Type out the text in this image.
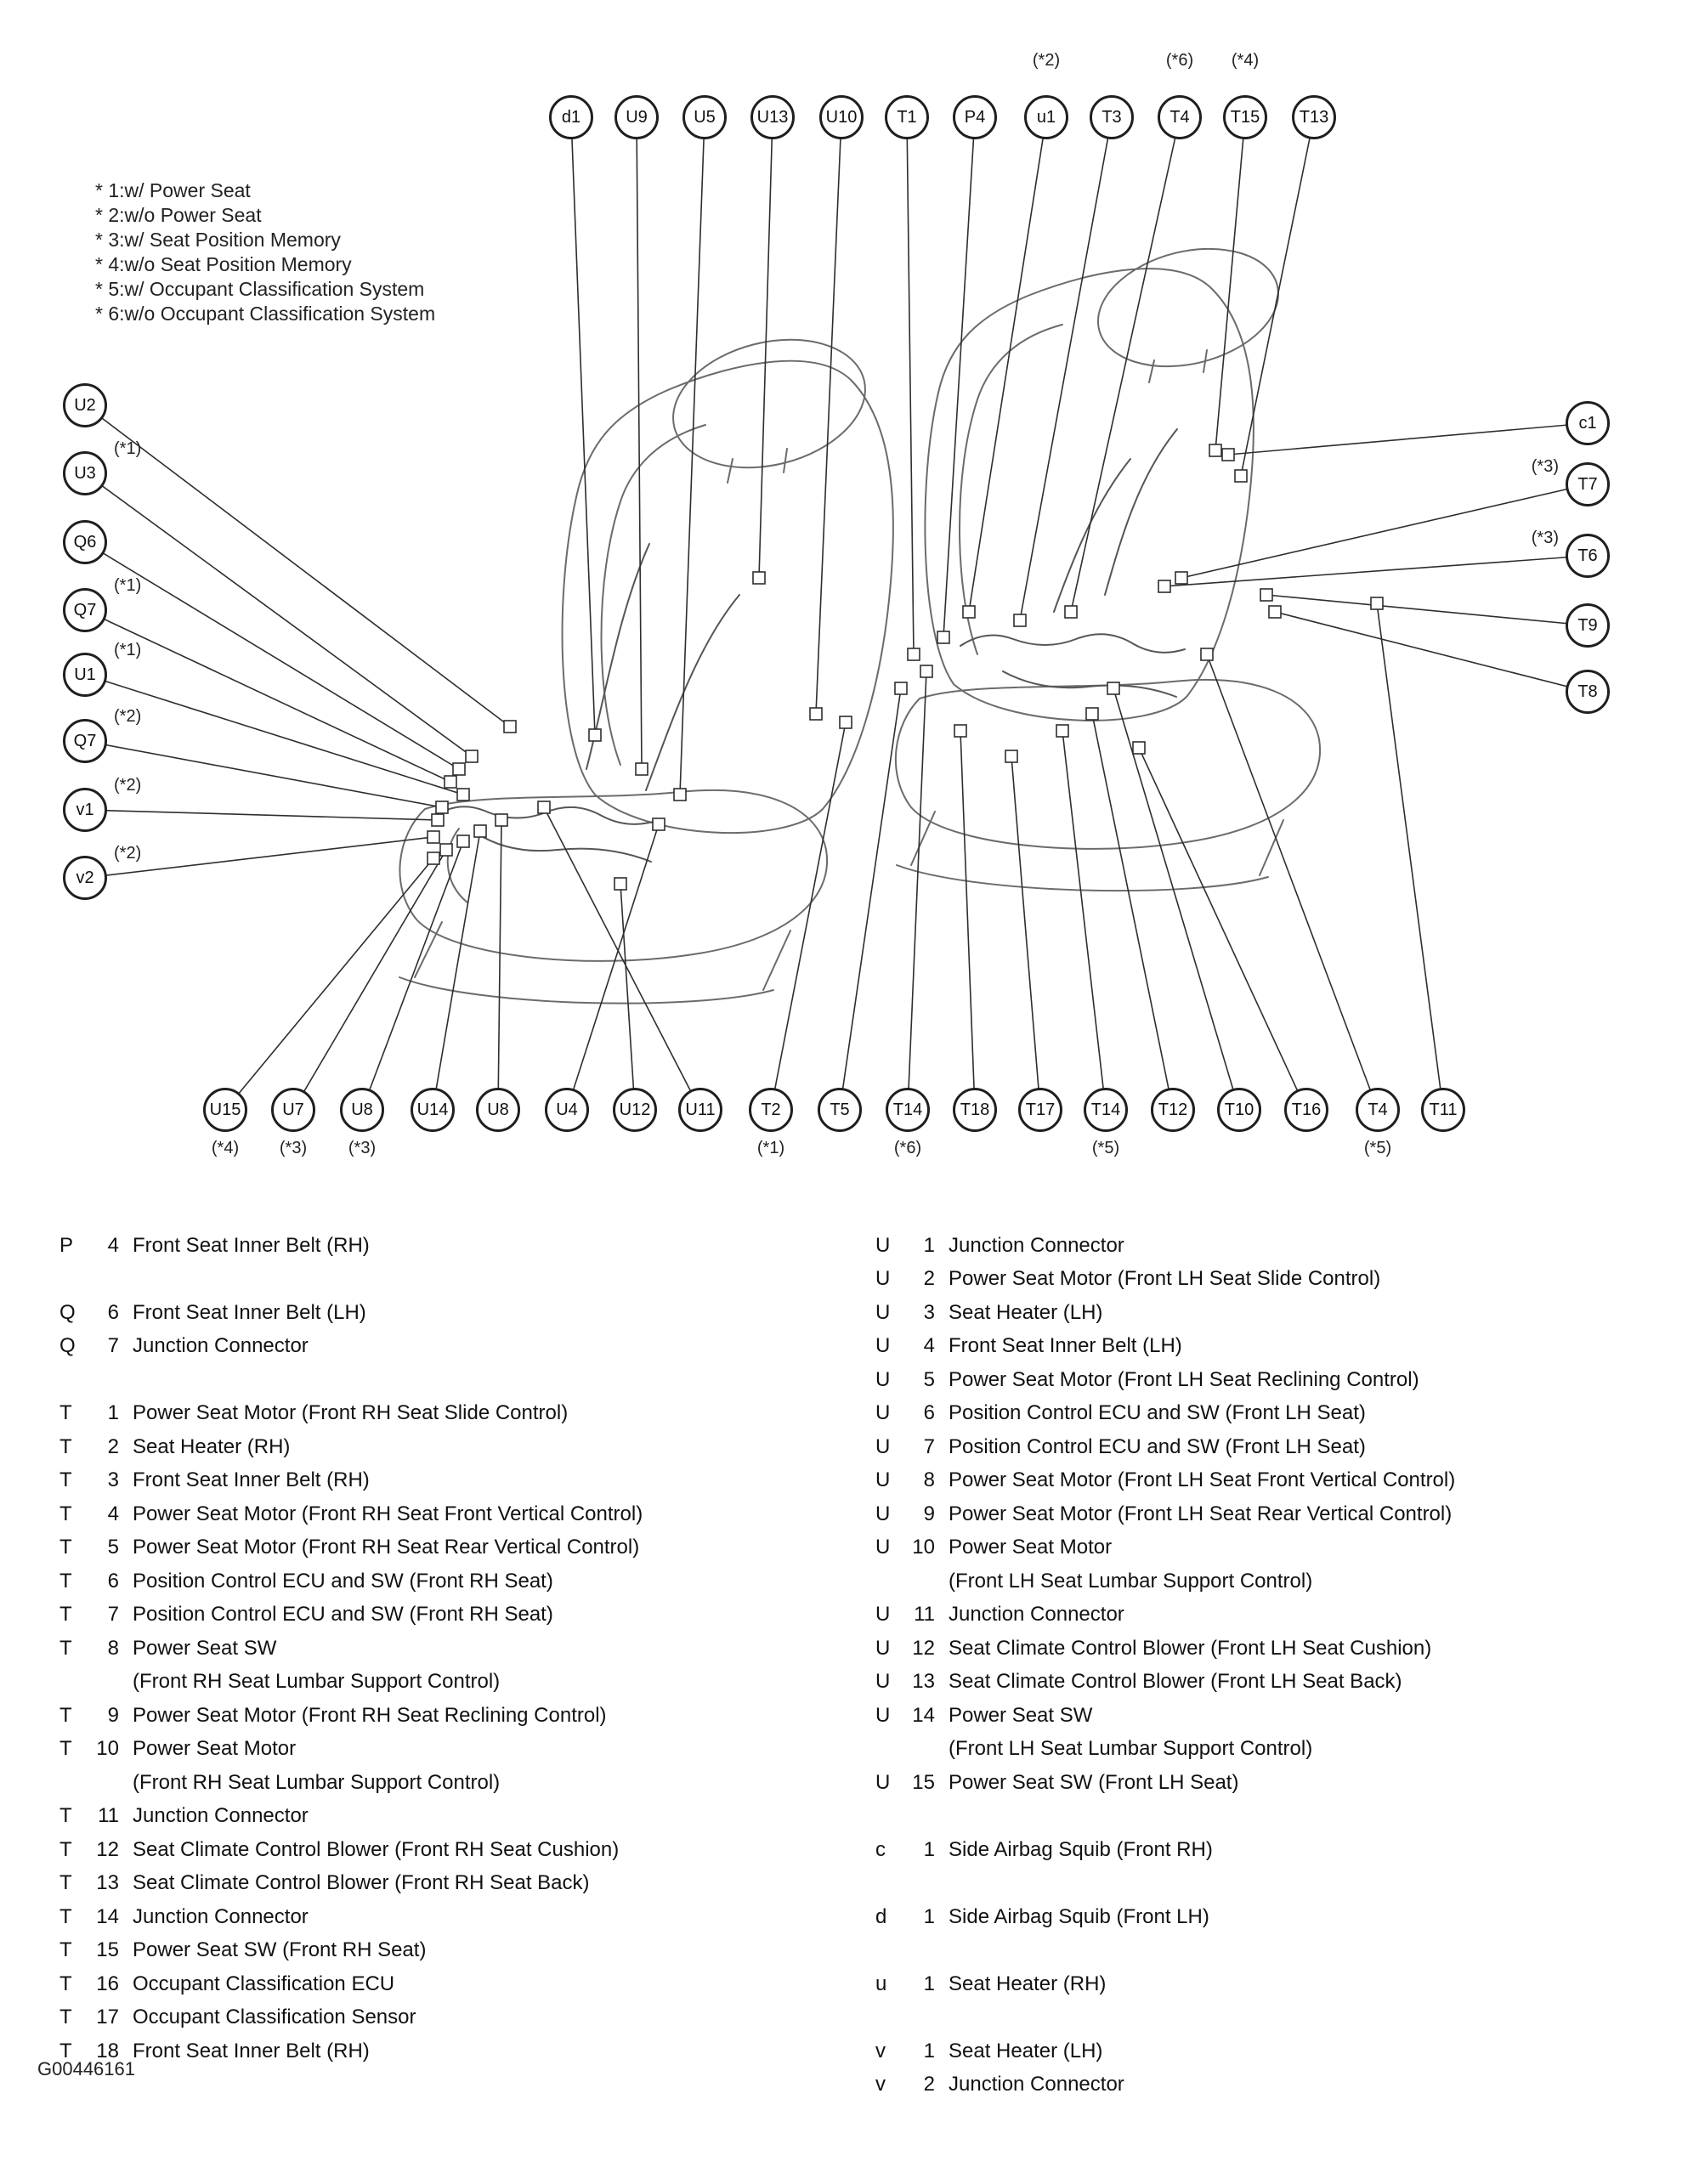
* 1:w/ Power Seat
* 2:w/o Power Seat
* 3:w/ Seat Position Memory
* 4:w/o Seat Position Memory
* 5:w/ Occupant Classification System
* 6:w/o Occupant Classification System
d1	U9	U5	U13	U10	T1	P4	u1
(*2)
T3	T4
(*6)
T15
(*4)
T13
U2
U3
(*1)
Q6
Q7
(*1)
U1
(*1)
Q7
(*2)
v1
(*2)
v2
(*2)
c1
T7
(*3)
T6
(*3)
T9
T8
U15
(*4)
U7
(*3)
U8
(*3)
U14	U8	U4	U12	U11	T2
(*1)
T5	T14
(*6)
T18	T17	T14
(*5)
T12	T10	T16	T4
(*5)
T11
P	4 Front Seat Inner Belt (RH)
Q	6 Front Seat Inner Belt (LH)
Q	7 Junction Connector
T	1 Power Seat Motor (Front RH Seat Slide Control)
T	2 Seat Heater (RH)
T	3 Front Seat Inner Belt (RH)
T	4 Power Seat Motor (Front RH Seat Front Vertical Control)
T	5 Power Seat Motor (Front RH Seat Rear Vertical Control)
T	6 Position Control ECU and SW (Front RH Seat)
T	7 Position Control ECU and SW (Front RH Seat)
T	8 Power Seat SW
(Front RH Seat Lumbar Support Control)
T	9 Power Seat Motor (Front RH Seat Reclining Control)
T	10 Power Seat Motor
(Front RH Seat Lumbar Support Control)
T	11 Junction Connector
T	12 Seat Climate Control Blower (Front RH Seat Cushion)
T	13 Seat Climate Control Blower (Front RH Seat Back)
T	14 Junction Connector
T	15 Power Seat SW (Front RH Seat)
T	16 Occupant Classification ECU
T	17 Occupant Classification Sensor
T	18 Front Seat Inner Belt (RH)
U	1 Junction Connector
U	2 Power Seat Motor (Front LH Seat Slide Control)
U	3 Seat Heater (LH)
U	4 Front Seat Inner Belt (LH)
U	5 Power Seat Motor (Front LH Seat Reclining Control)
U	6 Position Control ECU and SW (Front LH Seat)
U	7 Position Control ECU and SW (Front LH Seat)
U	8 Power Seat Motor (Front LH Seat Front Vertical Control)
U	9 Power Seat Motor (Front LH Seat Rear Vertical Control)
U	10 Power Seat Motor
(Front LH Seat Lumbar Support Control)
U	11 Junction Connector
U	12 Seat Climate Control Blower (Front LH Seat Cushion)
U	13 Seat Climate Control Blower (Front LH Seat Back)
U	14 Power Seat SW
(Front LH Seat Lumbar Support Control)
U	15 Power Seat SW (Front LH Seat)
c	1 Side Airbag Squib (Front RH)
d	1 Side Airbag Squib (Front LH)
u	1 Seat Heater (RH)
v	1 Seat Heater (LH)
v	2 Junction Connector
G00446161
